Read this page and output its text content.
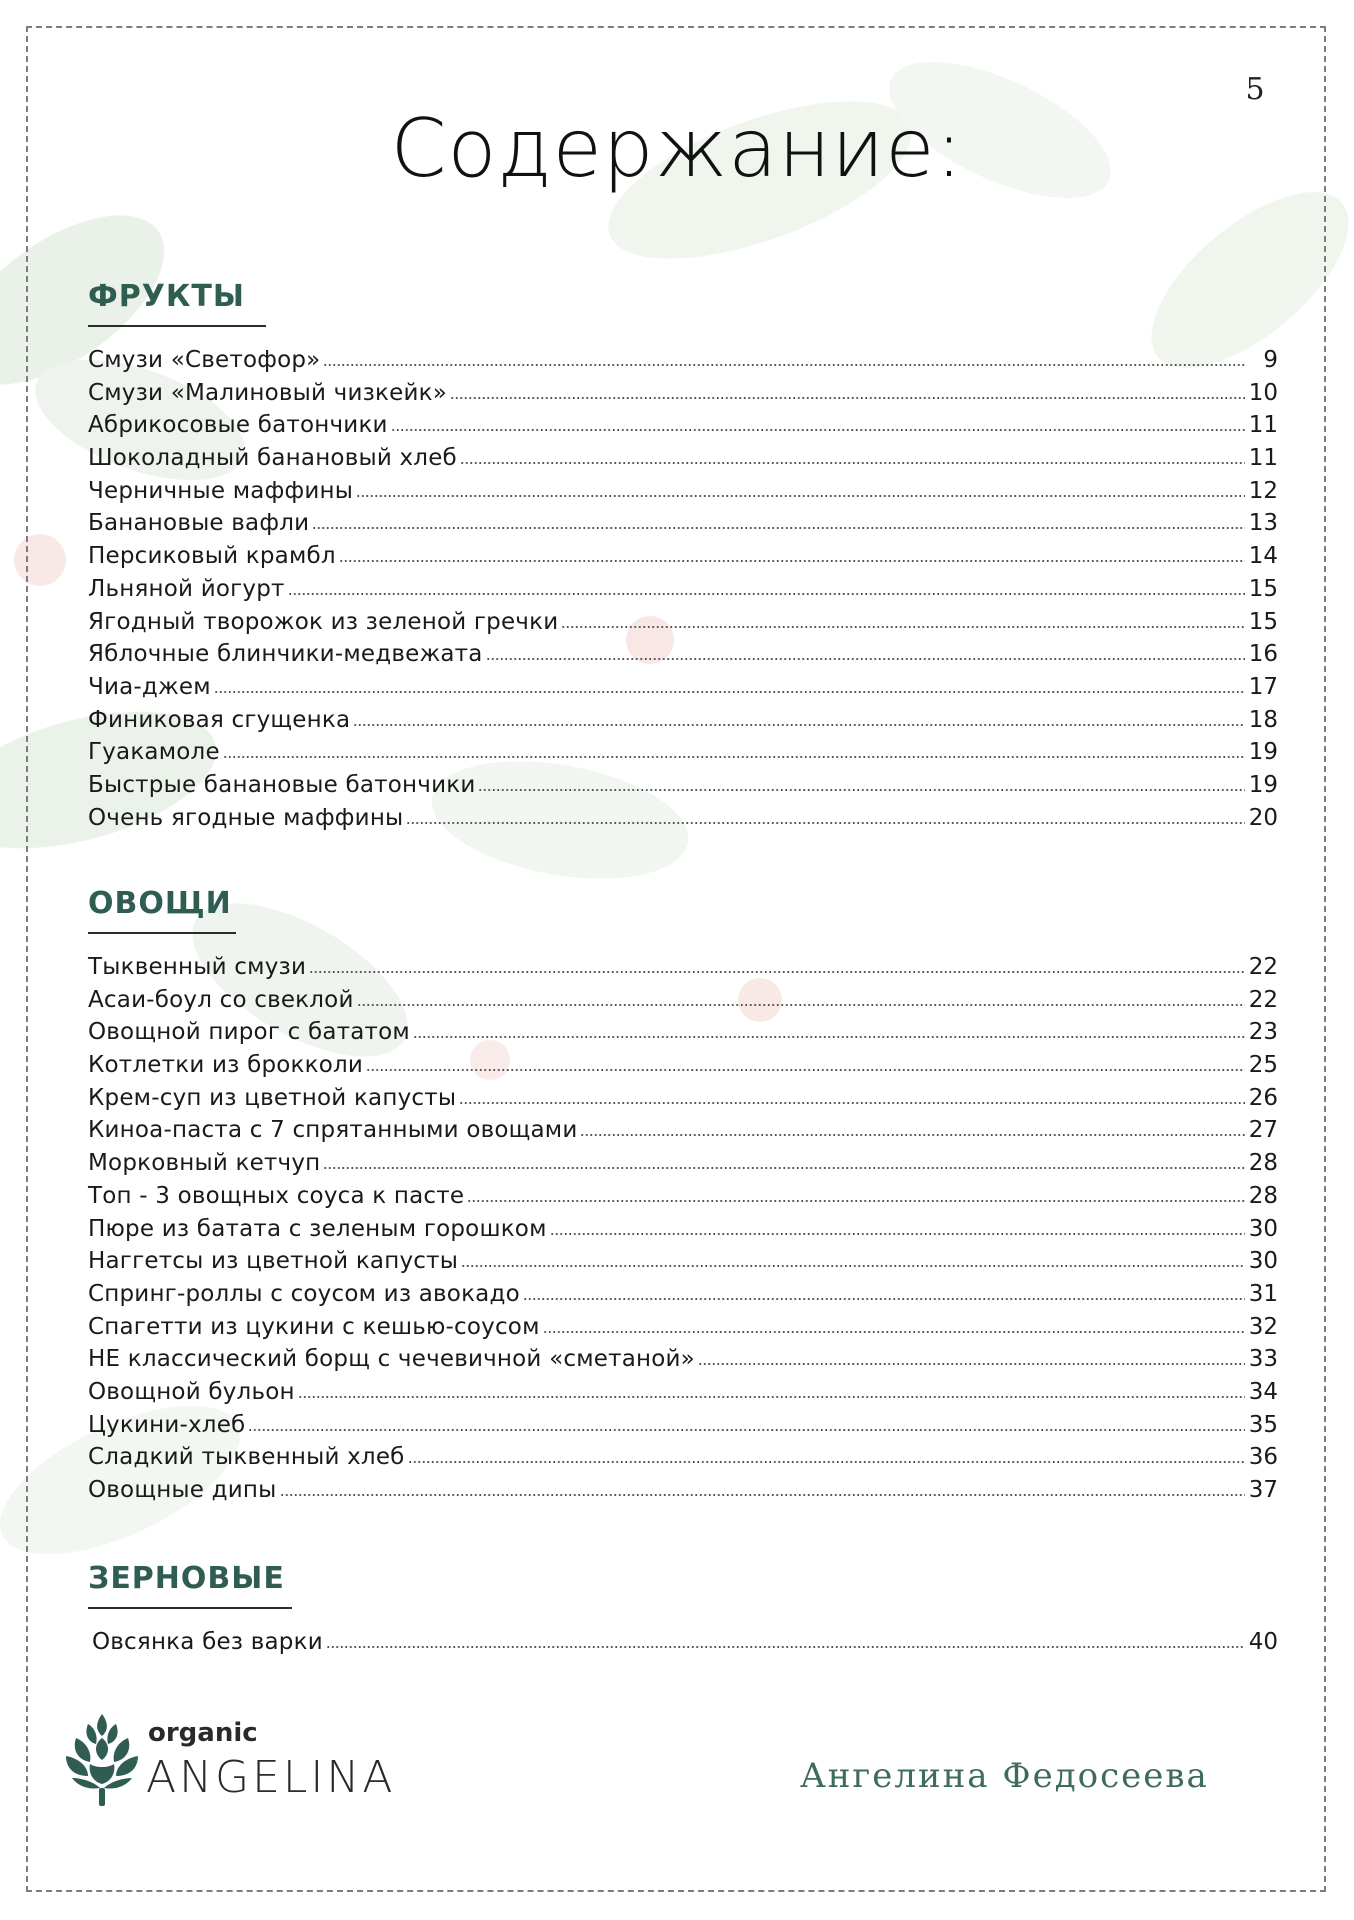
5
Содержание:
ФРУКТЫ
Смузи «Светофор»	9
Смузи «Малиновый чизкейк»	10
Абрикосовые батончики	11
Шоколадный банановый хлеб	11
Черничные маффины	12
Банановые вафли	13
Персиковый крамбл	14
Льняной йогурт	15
Ягодный творожок из зеленой гречки	15
Яблочные блинчики-медвежата	16
Чиа-джем	17
Финиковая сгущенка	18
Гуакамоле	19
Быстрые банановые батончики	19
Очень ягодные маффины	20
ОВОЩИ
Тыквенный смузи	22
Асаи-боул со свеклой	22
Овощной пирог с бататом	23
Котлетки из брокколи	25
Крем-суп из цветной капусты	26
Киноа-паста с 7 спрятанными овощами	27
Морковный кетчуп	28
Топ - 3 овощных соуса к пасте	28
Пюре из батата с зеленым горошком	30
Наггетсы из цветной капусты	30
Спринг-роллы с соусом из авокадо	31
Спагетти из цукини с кешью-соусом	32
НЕ классический борщ с чечевичной «сметаной»	33
Овощной бульон	34
Цукини-хлеб	35
Сладкий тыквенный хлеб	36
Овощные дипы	37
ЗЕРНОВЫЕ
Овсянка без варки	40
organic
ANGELINA	Ангелина Федосеева
